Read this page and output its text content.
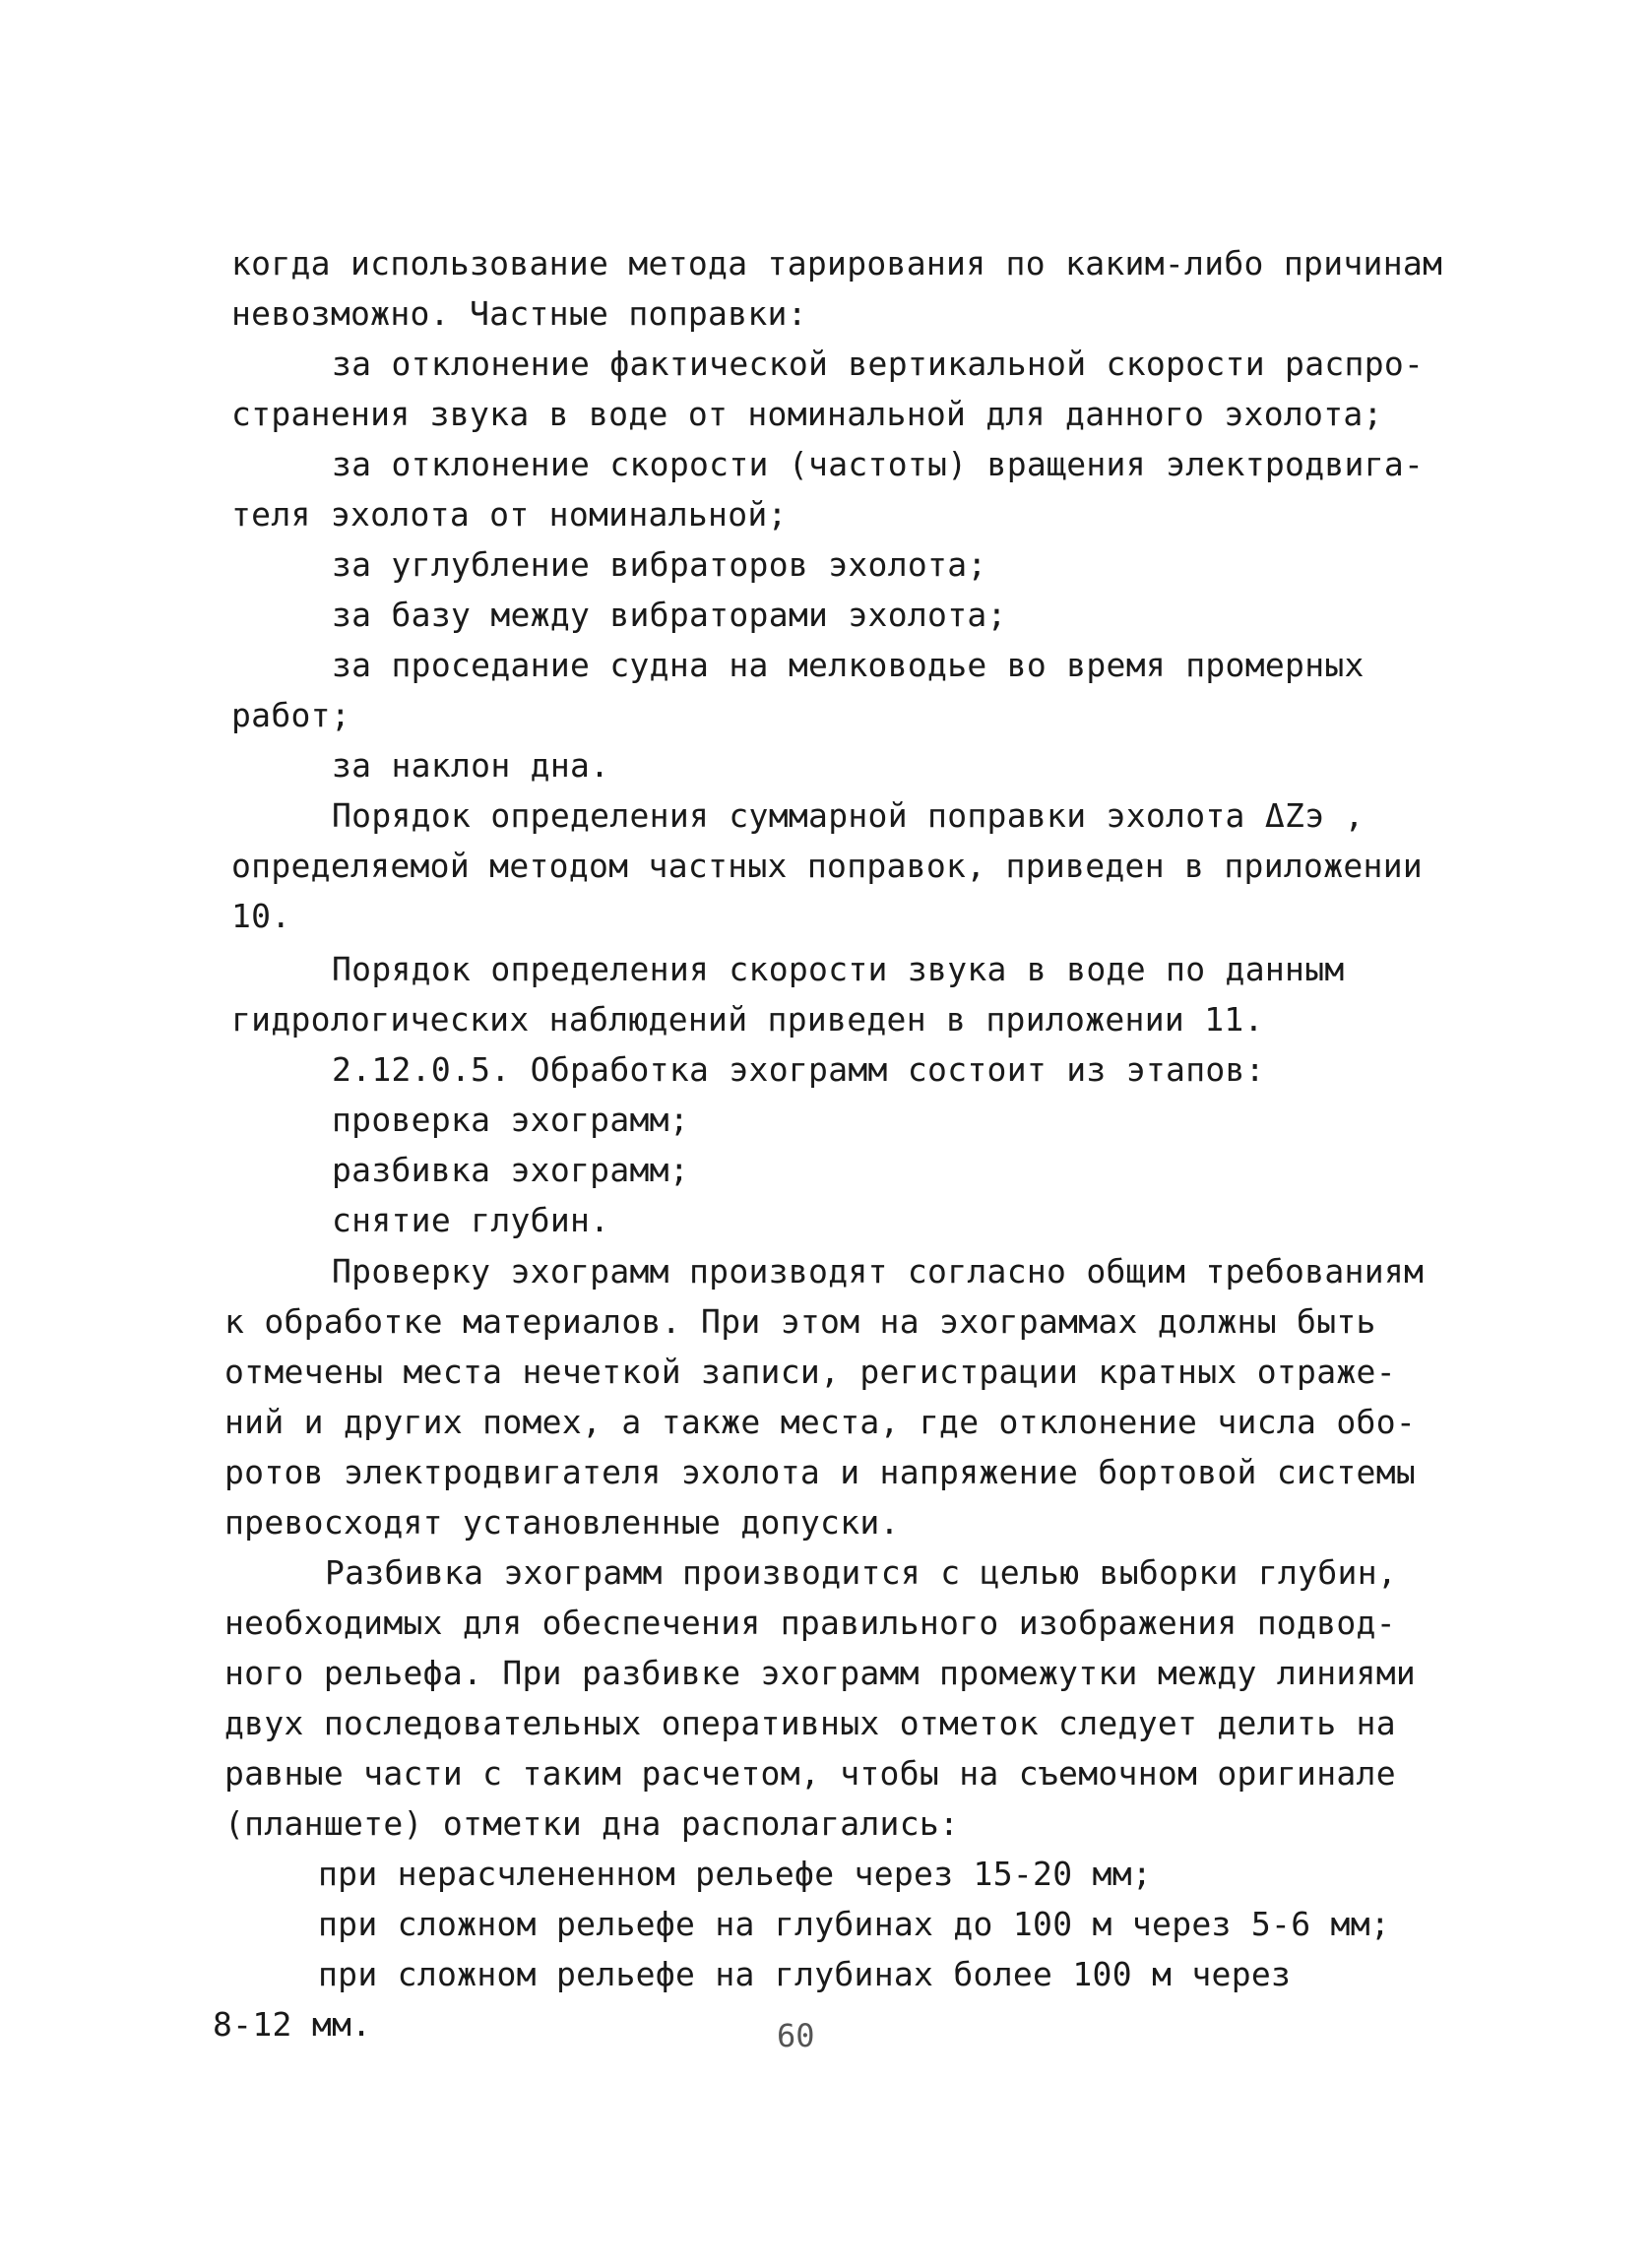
когда использование метода тарирования по каким-либо причинам
невозможно. Частные поправки:
за отклонение фактической вертикальной скорости распро-
странения звука в воде от номинальной для данного эхолота;
за отклонение скорости (частоты) вращения электродвига-
теля эхолота от номинальной;
за углубление вибраторов эхолота;
за базу между вибраторами эхолота;
за проседание судна на мелководье во время промерных
работ;
за наклон дна.
Порядок определения суммарной поправки эхолота ΔZэ ,
определяемой методом частных поправок, приведен в приложении
10.
Порядок определения скорости звука в воде по данным
гидрологических наблюдений приведен в приложении 11.
2.12.0.5. Обработка эхограмм состоит из этапов:
проверка эхограмм;
разбивка эхограмм;
снятие глубин.
Проверку эхограмм производят согласно общим требованиям
к обработке материалов. При этом на эхограммах должны быть
отмечены места нечеткой записи, регистрации кратных отраже-
ний и других помех, а также места, где отклонение числа обо-
ротов электродвигателя эхолота и напряжение бортовой системы
превосходят установленные допуски.
Разбивка эхограмм производится с целью выборки глубин,
необходимых для обеспечения правильного изображения подвод-
ного рельефа. При разбивке эхограмм промежутки между линиями
двух последовательных оперативных отметок следует делить на
равные части с таким расчетом, чтобы на съемочном оригинале
(планшете) отметки дна располагались:
при нерасчлененном рельефе через 15-20 мм;
при сложном рельефе на глубинах до 100 м через 5-6 мм;
при сложном рельефе на глубинах более 100 м через
8-12 мм.	60
